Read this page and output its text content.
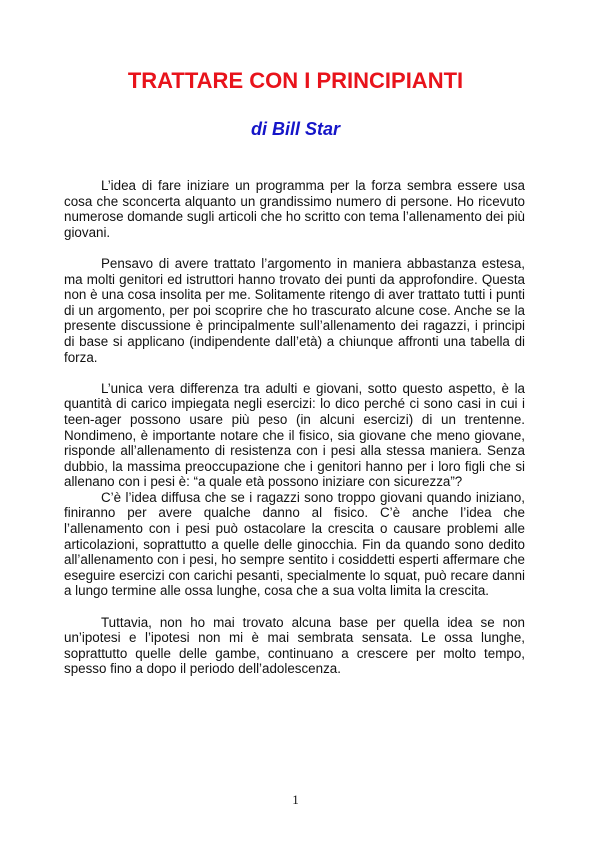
TRATTARE CON I PRINCIPIANTI
di Bill Star

L’idea di fare iniziare un programma per la forza sembra essere usa cosa che sconcerta alquanto un grandissimo numero di persone. Ho ricevuto numerose domande sugli articoli che ho scritto con tema l’allenamento dei più giovani.

Pensavo di avere trattato l’argomento in maniera abbastanza estesa, ma molti genitori ed istruttori hanno trovato dei punti da approfondire. Questa non è una cosa insolita per me. Solitamente ritengo di aver trattato tutti i punti di un argomento, per poi scoprire che ho trascurato alcune cose. Anche se la presente discussione è principalmente sull’allenamento dei ragazzi, i principi di base si applicano (indipendente dall’età) a chiunque affronti una tabella di forza.

L’unica vera differenza tra adulti e giovani, sotto questo aspetto, è la quantità di carico impiegata negli esercizi: lo dico perché ci sono casi in cui i teen-ager possono usare più peso (in alcuni esercizi) di un trentenne. Nondimeno, è importante notare che il fisico, sia giovane che meno giovane, risponde all’allenamento di resistenza con i pesi alla stessa maniera. Senza dubbio, la massima preoccupazione che i genitori hanno per i loro figli che si allenano con i pesi è: “a quale età possono iniziare con sicurezza”?

C’è l’idea diffusa che se i ragazzi sono troppo giovani quando iniziano, finiranno per avere qualche danno al fisico. C’è anche l’idea che l’allenamento con i pesi può ostacolare la crescita o causare problemi alle articolazioni, soprattutto a quelle delle ginocchia. Fin da quando sono dedito all’allenamento con i pesi, ho sempre sentito i cosiddetti esperti affermare che eseguire esercizi con carichi pesanti, specialmente lo squat, può recare danni a lungo termine alle ossa lunghe, cosa che a sua volta limita la crescita.

Tuttavia, non ho mai trovato alcuna base per quella idea se non un’ipotesi e l’ipotesi non mi è mai sembrata sensata. Le ossa lunghe, soprattutto quelle delle gambe, continuano a crescere per molto tempo, spesso fino a dopo il periodo dell’adolescenza.

1
